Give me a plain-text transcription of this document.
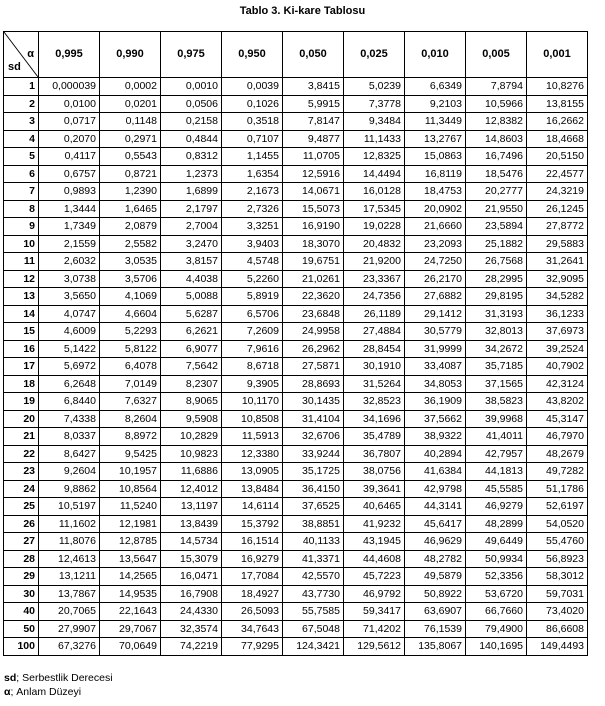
Tablo 3. Ki-kare Tablosu
α
sd	0,995	0,990	0,975	0,950	0,050	0,025	0,010	0,005	0,001
1	0,000039	0,0002	0,0010	0,0039	3,8415	5,0239	6,6349	7,8794	10,8276
2	0,0100	0,0201	0,0506	0,1026	5,9915	7,3778	9,2103	10,5966	13,8155
3	0,0717	0,1148	0,2158	0,3518	7,8147	9,3484	11,3449	12,8382	16,2662
4	0,2070	0,2971	0,4844	0,7107	9,4877	11,1433	13,2767	14,8603	18,4668
5	0,4117	0,5543	0,8312	1,1455	11,0705	12,8325	15,0863	16,7496	20,5150
6	0,6757	0,8721	1,2373	1,6354	12,5916	14,4494	16,8119	18,5476	22,4577
7	0,9893	1,2390	1,6899	2,1673	14,0671	16,0128	18,4753	20,2777	24,3219
8	1,3444	1,6465	2,1797	2,7326	15,5073	17,5345	20,0902	21,9550	26,1245
9	1,7349	2,0879	2,7004	3,3251	16,9190	19,0228	21,6660	23,5894	27,8772
10	2,1559	2,5582	3,2470	3,9403	18,3070	20,4832	23,2093	25,1882	29,5883
11	2,6032	3,0535	3,8157	4,5748	19,6751	21,9200	24,7250	26,7568	31,2641
12	3,0738	3,5706	4,4038	5,2260	21,0261	23,3367	26,2170	28,2995	32,9095
13	3,5650	4,1069	5,0088	5,8919	22,3620	24,7356	27,6882	29,8195	34,5282
14	4,0747	4,6604	5,6287	6,5706	23,6848	26,1189	29,1412	31,3193	36,1233
15	4,6009	5,2293	6,2621	7,2609	24,9958	27,4884	30,5779	32,8013	37,6973
16	5,1422	5,8122	6,9077	7,9616	26,2962	28,8454	31,9999	34,2672	39,2524
17	5,6972	6,4078	7,5642	8,6718	27,5871	30,1910	33,4087	35,7185	40,7902
18	6,2648	7,0149	8,2307	9,3905	28,8693	31,5264	34,8053	37,1565	42,3124
19	6,8440	7,6327	8,9065	10,1170	30,1435	32,8523	36,1909	38,5823	43,8202
20	7,4338	8,2604	9,5908	10,8508	31,4104	34,1696	37,5662	39,9968	45,3147
21	8,0337	8,8972	10,2829	11,5913	32,6706	35,4789	38,9322	41,4011	46,7970
22	8,6427	9,5425	10,9823	12,3380	33,9244	36,7807	40,2894	42,7957	48,2679
23	9,2604	10,1957	11,6886	13,0905	35,1725	38,0756	41,6384	44,1813	49,7282
24	9,8862	10,8564	12,4012	13,8484	36,4150	39,3641	42,9798	45,5585	51,1786
25	10,5197	11,5240	13,1197	14,6114	37,6525	40,6465	44,3141	46,9279	52,6197
26	11,1602	12,1981	13,8439	15,3792	38,8851	41,9232	45,6417	48,2899	54,0520
27	11,8076	12,8785	14,5734	16,1514	40,1133	43,1945	46,9629	49,6449	55,4760
28	12,4613	13,5647	15,3079	16,9279	41,3371	44,4608	48,2782	50,9934	56,8923
29	13,1211	14,2565	16,0471	17,7084	42,5570	45,7223	49,5879	52,3356	58,3012
30	13,7867	14,9535	16,7908	18,4927	43,7730	46,9792	50,8922	53,6720	59,7031
40	20,7065	22,1643	24,4330	26,5093	55,7585	59,3417	63,6907	66,7660	73,4020
50	27,9907	29,7067	32,3574	34,7643	67,5048	71,4202	76,1539	79,4900	86,6608
100	67,3276	70,0649	74,2219	77,9295	124,3421	129,5612	135,8067	140,1695	149,4493
sd; Serbestlik Derecesi
α; Anlam Düzeyi
